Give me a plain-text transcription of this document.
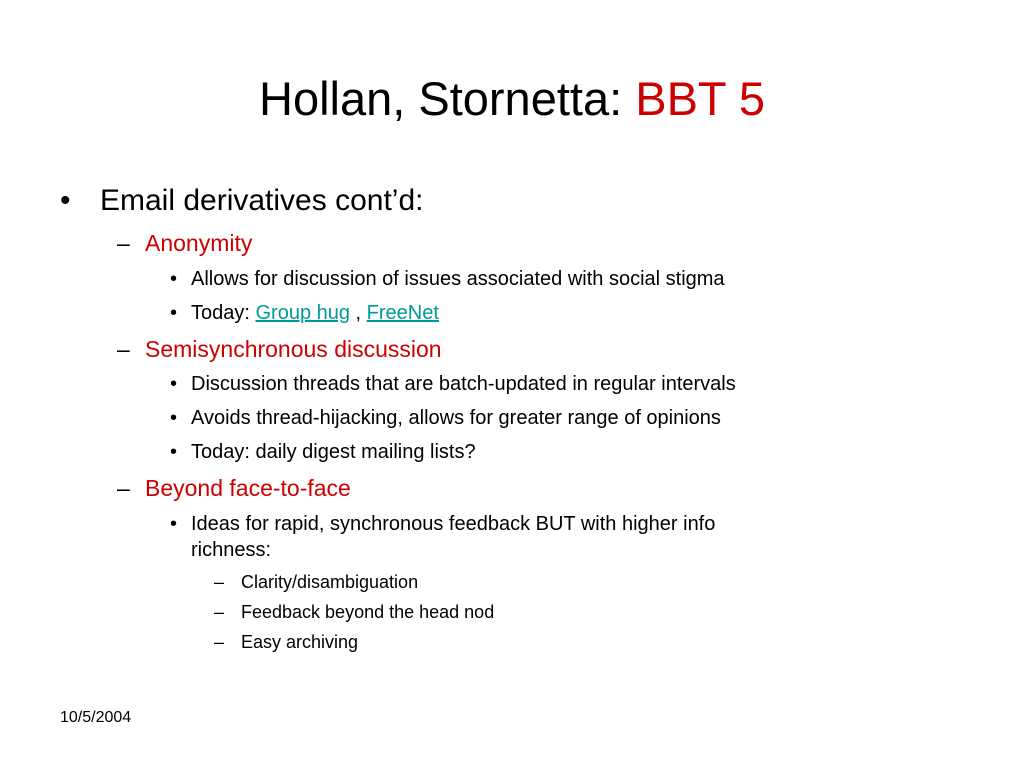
Hollan, Stornetta: BBT 5
• Email derivatives cont’d:
– Anonymity
• Allows for discussion of issues associated with social stigma
• Today: Group hug , FreeNet
– Semisynchronous discussion
• Discussion threads that are batch-updated in regular intervals
• Avoids thread-hijacking, allows for greater range of opinions
• Today: daily digest mailing lists?
– Beyond face-to-face
• Ideas for rapid, synchronous feedback BUT with higher info
richness:
– Clarity/disambiguation
– Feedback beyond the head nod
– Easy archiving
10/5/2004
